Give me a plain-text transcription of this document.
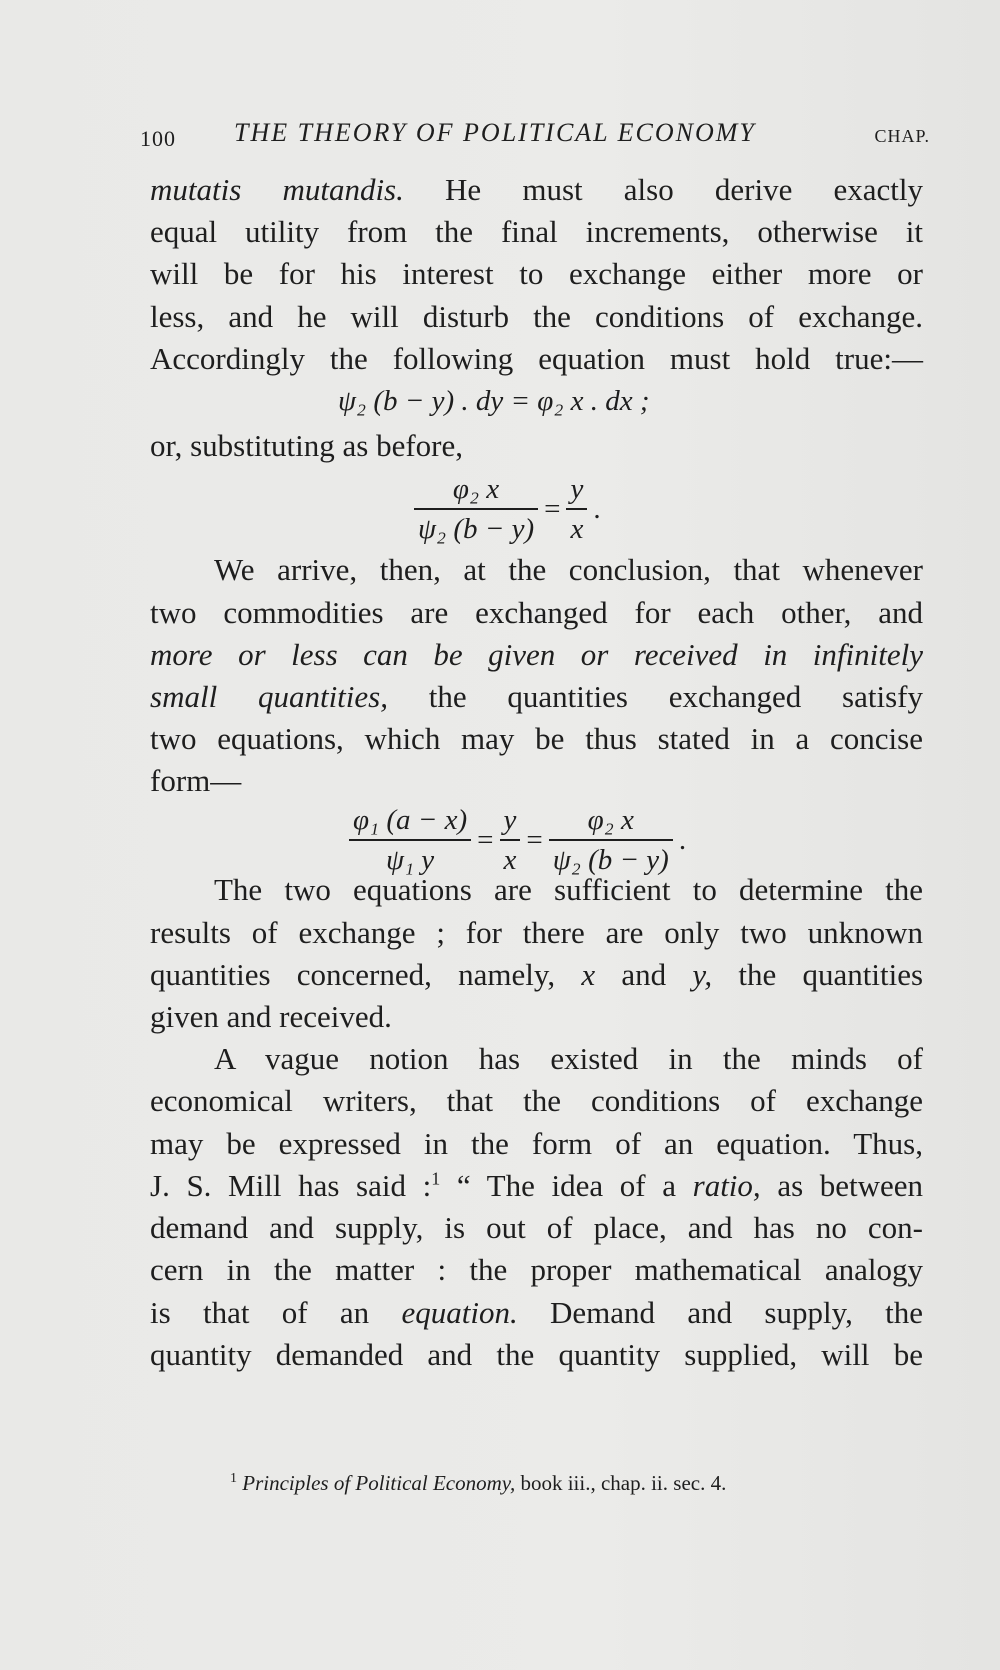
100 THE THEORY OF POLITICAL ECONOMY	CHAP.
mutatis mutandis. He must also derive exactly
equal utility from the final increments, otherwise it
will be for his interest to exchange either more or
less, and he will disturb the conditions of exchange.
Accordingly the following equation must hold true:—
ψ₂ (b − y) . dy = φ₂ x . dx ;
or, substituting as before,
$\frac{\text{φ₂ x}}{\text{ψ₂ (b − y)}} = \frac{y}{x}$ .
We arrive, then, at the conclusion, that whenever
two commodities are exchanged for each other, and
more or less can be given or received in infinitely
small quantities, the quantities exchanged satisfy
two equations, which may be thus stated in a concise
form—
$\frac{\text{φ₁ (a − x)}}{\text{ψ₁ y}} = \frac{y}{x} = \frac{\text{φ₂ x}}{\text{ψ₂ (b − y)}}$ .
The two equations are sufficient to determine the
results of exchange ; for there are only two unknown
quantities concerned, namely, x and y, the quantities
given and received.
A vague notion has existed in the minds of
economical writers, that the conditions of exchange
may be expressed in the form of an equation. Thus,
J. S. Mill has said :$^1$ “ The idea of a ratio, as between
demand and supply, is out of place, and has no con-
cern in the matter : the proper mathematical analogy
is that of an equation. Demand and supply, the
quantity demanded and the quantity supplied, will be
$^1$ Principles of Political Economy, book iii., chap. ii. sec. 4.
